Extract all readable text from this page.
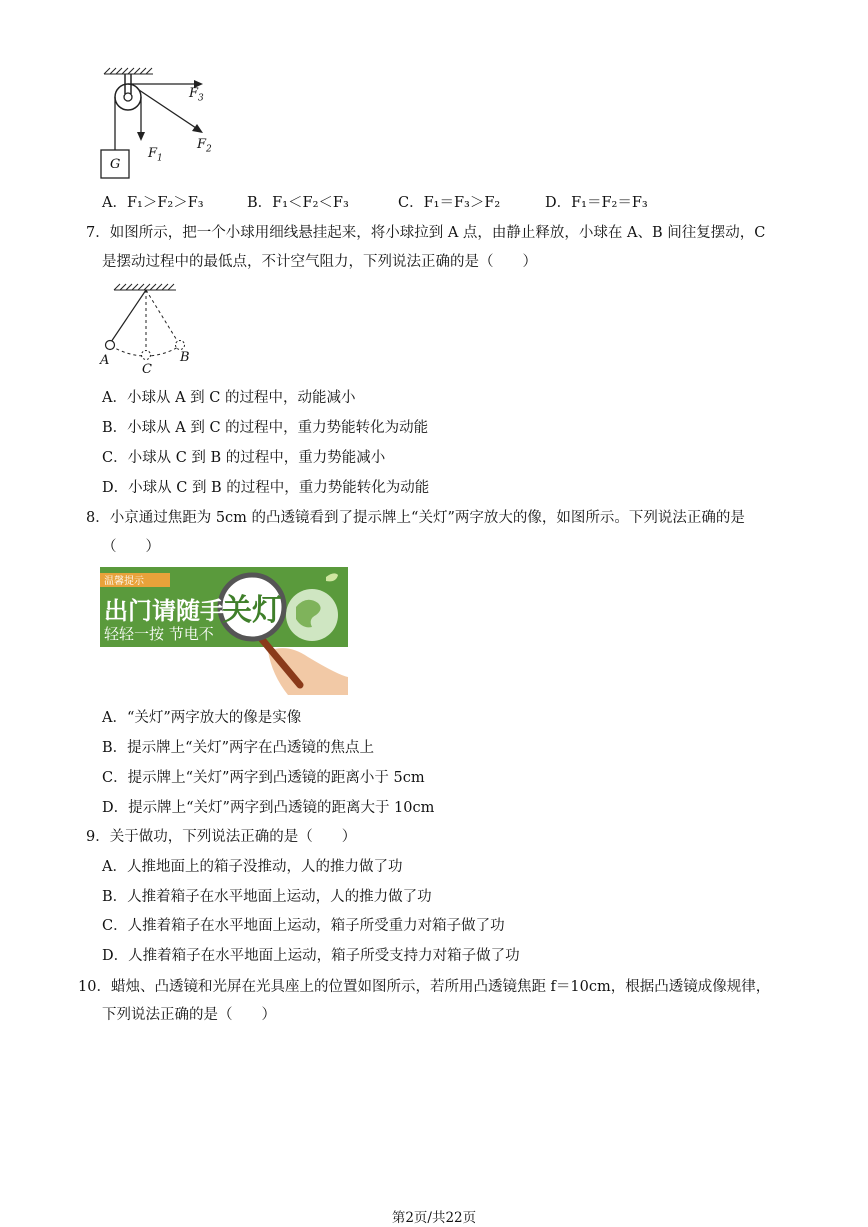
$F_3$
$F_2$
$F_1$
G
A．F₁＞F₂＞F₃	B．F₁＜F₂＜F₃	C．F₁＝F₃＞F₂	D．F₁＝F₂＝F₃
7．如图所示，把一个小球用细线悬挂起来，将小球拉到 A 点，由静止释放，小球在 A、B 间往复摆动，C
是摆动过程中的最低点，不计空气阻力，下列说法正确的是（　　）
A
C
B
A．小球从 A 到 C 的过程中，动能减小
B．小球从 A 到 C 的过程中，重力势能转化为动能
C．小球从 C 到 B 的过程中，重力势能减小
D．小球从 C 到 B 的过程中，重力势能转化为动能
8．小京通过焦距为 5cm 的凸透镜看到了提示牌上“关灯”两字放大的像，如图所示。下列说法正确的是
（　　）
温馨提示
出门请随手
关灯
轻轻一按 节电不
A．“关灯”两字放大的像是实像
B．提示牌上“关灯”两字在凸透镜的焦点上
C．提示牌上“关灯”两字到凸透镜的距离小于 5cm
D．提示牌上“关灯”两字到凸透镜的距离大于 10cm
9．关于做功，下列说法正确的是（　　）
A．人推地面上的箱子没推动，人的推力做了功
B．人推着箱子在水平地面上运动，人的推力做了功
C．人推着箱子在水平地面上运动，箱子所受重力对箱子做了功
D．人推着箱子在水平地面上运动，箱子所受支持力对箱子做了功
10．蜡烛、凸透镜和光屏在光具座上的位置如图所示，若所用凸透镜焦距 f＝10cm，根据凸透镜成像规律，
下列说法正确的是（　　）
第2页/共22页
